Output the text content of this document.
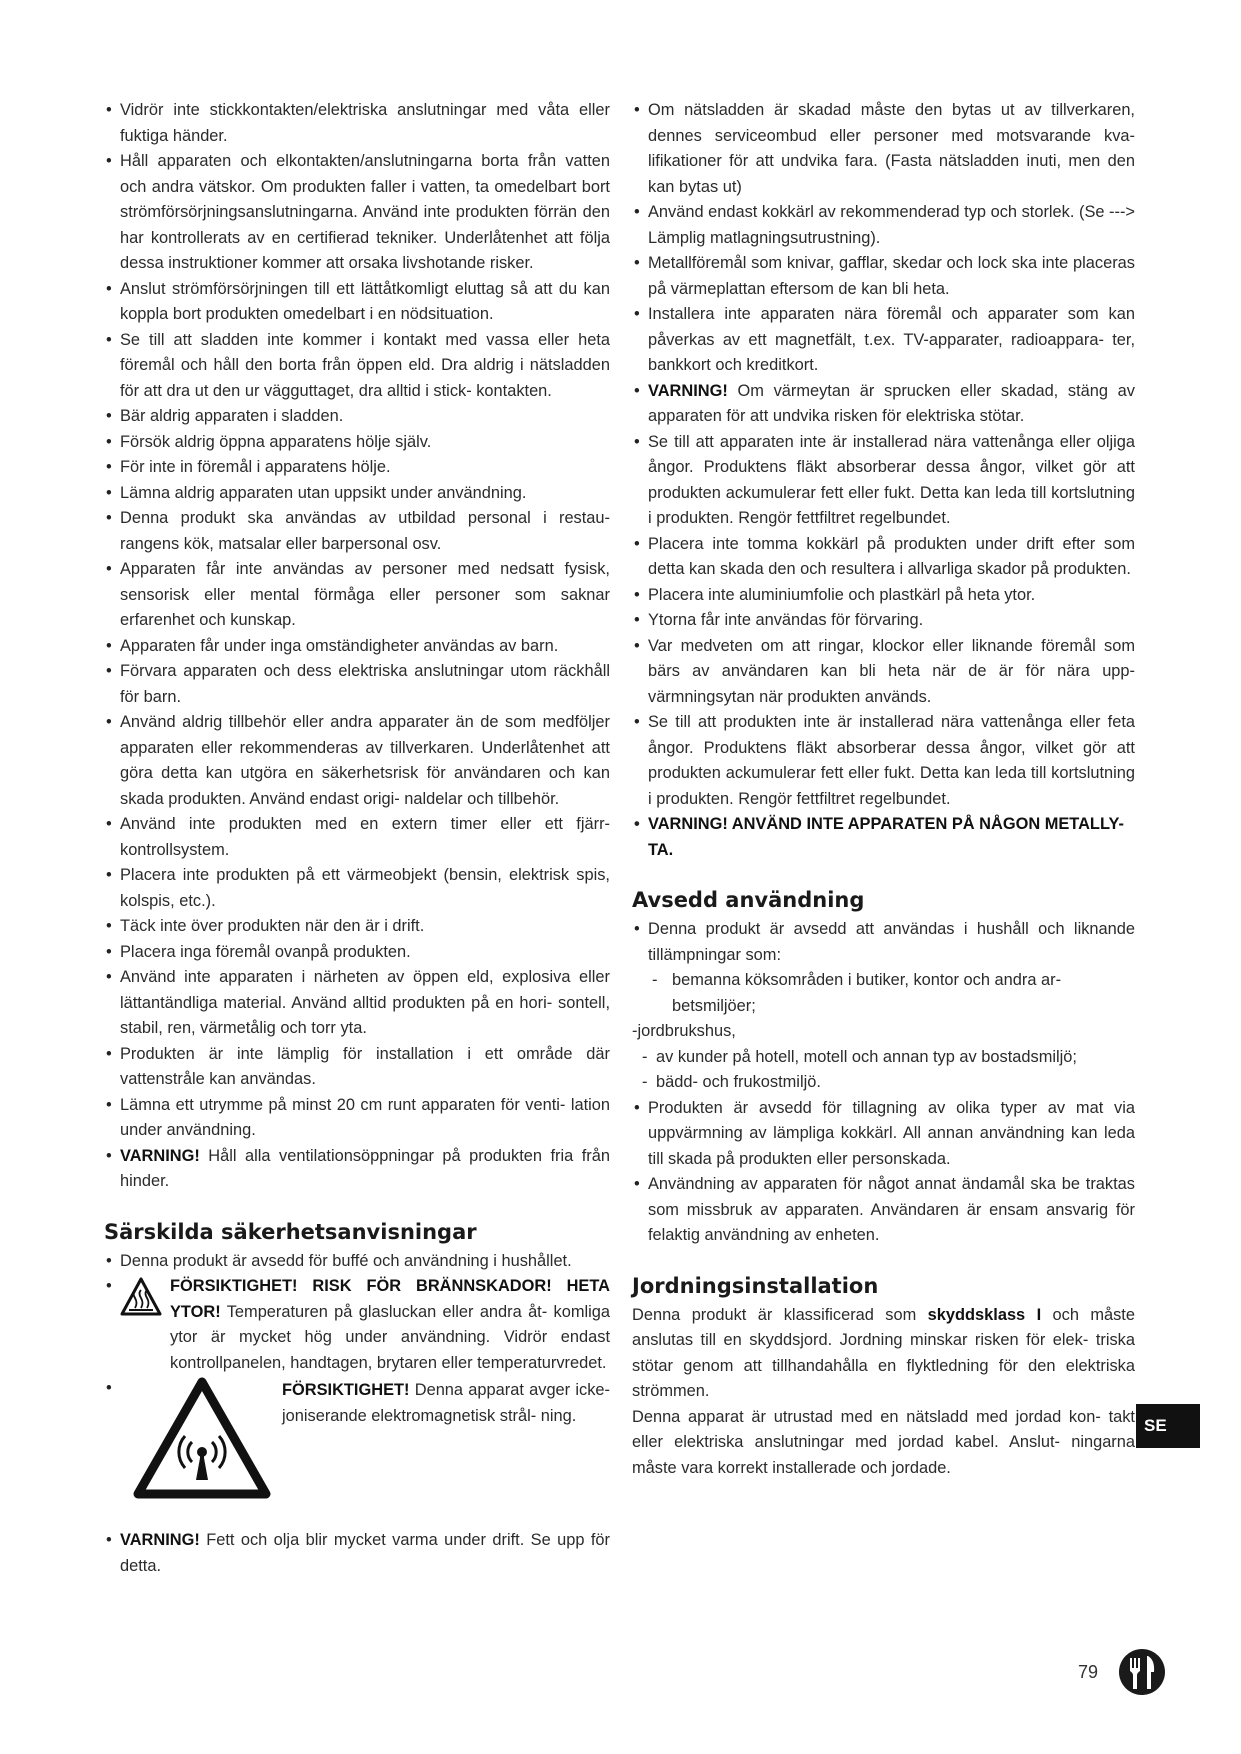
• Vidrör inte stickkontakten/elektriska anslutningar med våta eller fuktiga händer.

• Håll apparaten och elkontakten/anslutningarna borta från vatten och andra vätskor. Om produkten faller i vatten, ta omedelbart bort strömförsörjningsanslutningarna. Använd inte produkten förrän den har kontrollerats av en certifierad tekniker. Underlåtenhet att följa dessa instruktioner kommer att orsaka livshotande risker.

• Anslut strömförsörjningen till ett lättåtkomligt eluttag så att du kan koppla bort produkten omedelbart i en nödsituation.

• Se till att sladden inte kommer i kontakt med vassa eller heta föremål och håll den borta från öppen eld. Dra aldrig i nätsladden för att dra ut den ur vägguttaget, dra alltid i stick- kontakten.

• Bär aldrig apparaten i sladden.

• Försök aldrig öppna apparatens hölje själv.

• För inte in föremål i apparatens hölje.

• Lämna aldrig apparaten utan uppsikt under användning.

• Denna produkt ska användas av utbildad personal i restau- rangens kök, matsalar eller barpersonal osv.

• Apparaten får inte användas av personer med nedsatt fysisk, sensorisk eller mental förmåga eller personer som saknar erfarenhet och kunskap.

• Apparaten får under inga omständigheter användas av barn.

• Förvara apparaten och dess elektriska anslutningar utom räckhåll för barn.

• Använd aldrig tillbehör eller andra apparater än de som medföljer apparaten eller rekommenderas av tillverkaren. Underlåtenhet att göra detta kan utgöra en säkerhetsrisk för användaren och kan skada produkten. Använd endast origi- naldelar och tillbehör.

• Använd inte produkten med en extern timer eller ett fjärr- kontrollsystem.

• Placera inte produkten på ett värmeobjekt (bensin, elektrisk spis, kolspis, etc.).

• Täck inte över produkten när den är i drift.

• Placera inga föremål ovanpå produkten.

• Använd inte apparaten i närheten av öppen eld, explosiva eller lättantändliga material. Använd alltid produkten på en hori- sontell, stabil, ren, värmetålig och torr yta.

• Produkten är inte lämplig för installation i ett område där vattenstråle kan användas.

• Lämna ett utrymme på minst 20 cm runt apparaten för venti- lation under användning.

• VARNING! Håll alla ventilationsöppningar på produkten fria från hinder.

Särskilda säkerhetsanvisningar

• Denna produkt är avsedd för buffé och användning i hushållet.

• FÖRSIKTIGHET! RISK FÖR BRÄNNSKADOR! HETA YTOR! Temperaturen på glasluckan eller andra åt- komliga ytor är mycket hög under användning. Vidrör endast kontrollpanelen, handtagen, brytaren eller temperaturvredet.

• FÖRSIKTIGHET! Denna apparat avger icke-joniserande elektromagnetisk strål- ning.

• VARNING! Fett och olja blir mycket varma under drift. Se upp för detta.

• Om nätsladden är skadad måste den bytas ut av tillverkaren, dennes serviceombud eller personer med motsvarande kva- lifikationer för att undvika fara. (Fasta nätsladden inuti, men den kan bytas ut)

• Använd endast kokkärl av rekommenderad typ och storlek. (Se ---> Lämplig matlagningsutrustning).

• Metallföremål som knivar, gafflar, skedar och lock ska inte placeras på värmeplattan eftersom de kan bli heta.

• Installera inte apparaten nära föremål och apparater som kan påverkas av ett magnetfält, t.ex. TV-apparater, radioappara- ter, bankkort och kreditkort.

• VARNING! Om värmeytan är sprucken eller skadad, stäng av apparaten för att undvika risken för elektriska stötar.

• Se till att apparaten inte är installerad nära vattenånga eller oljiga ångor. Produktens fläkt absorberar dessa ångor, vilket gör att produkten ackumulerar fett eller fukt. Detta kan leda till kortslutning i produkten. Rengör fettfiltret regelbundet.

• Placera inte tomma kokkärl på produkten under drift efter som detta kan skada den och resultera i allvarliga skador på produkten.

• Placera inte aluminiumfolie och plastkärl på heta ytor.

• Ytorna får inte användas för förvaring.

• Var medveten om att ringar, klockor eller liknande föremål som bärs av användaren kan bli heta när de är för nära upp- värmningsytan när produkten används.

• Se till att produkten inte är installerad nära vattenånga eller feta ångor. Produktens fläkt absorberar dessa ångor, vilket gör att produkten ackumulerar fett eller fukt. Detta kan leda till kortslutning i produkten. Rengör fettfiltret regelbundet.

• VARNING! ANVÄND INTE APPARATEN PÅ NÅGON METALLY- TA.

Avsedd användning

• Denna produkt är avsedd att användas i hushåll och liknande tillämpningar som:

- bemanna köksområden i butiker, kontor och andra ar- betsmiljöer;

-jordbrukshus,

- av kunder på hotell, motell och annan typ av bostadsmiljö;

- bädd- och frukostmiljö.

• Produkten är avsedd för tillagning av olika typer av mat via uppvärmning av lämpliga kokkärl. All annan användning kan leda till skada på produkten eller personskada.

• Användning av apparaten för något annat ändamål ska be traktas som missbruk av apparaten. Användaren är ensam ansvarig för felaktig användning av enheten.

Jordningsinstallation

Denna produkt är klassificerad som skyddsklass I och måste anslutas till en skyddsjord. Jordning minskar risken för elek- triska stötar genom att tillhandahålla en flyktledning för den elektriska strömmen.

Denna apparat är utrustad med en nätsladd med jordad kon- takt eller elektriska anslutningar med jordad kabel. Anslut- ningarna måste vara korrekt installerade och jordade.

SE
79
